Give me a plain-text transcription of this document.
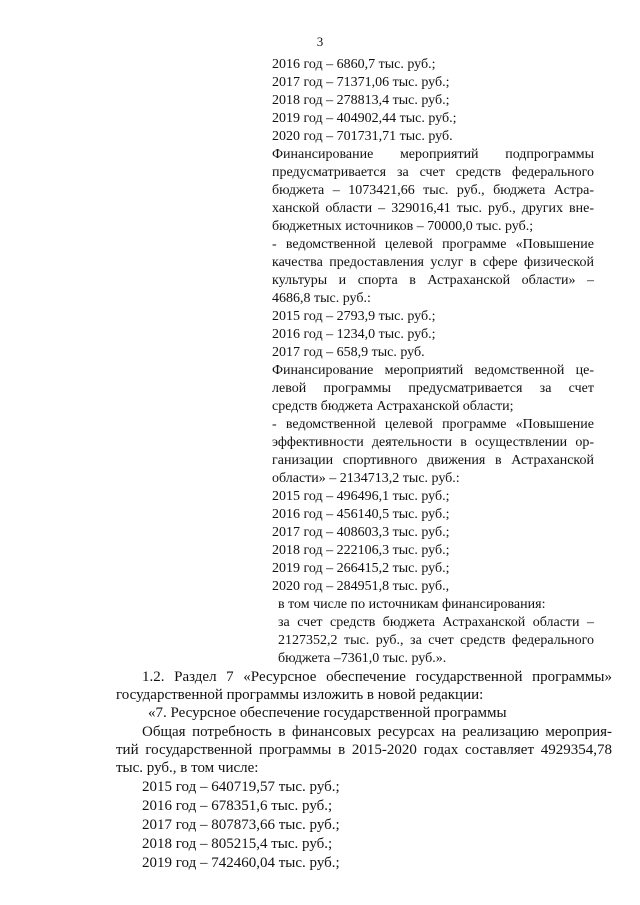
3
2016 год – 6860,7 тыс. руб.;
2017 год – 71371,06 тыс. руб.;
2018 год – 278813,4 тыс. руб.;
2019 год – 404902,44 тыс. руб.;
2020 год – 701731,71 тыс. руб.
Финансирование мероприятий подпрограммы
предусматривается за счет средств федерального
бюджета – 1073421,66 тыс. руб., бюджета Астра-
ханской области – 329016,41 тыс. руб., других вне-
бюджетных источников – 70000,0 тыс. руб.;
- ведомственной целевой программе «Повышение
качества предоставления услуг в сфере физической
культуры и спорта в Астраханской области» –
4686,8 тыс. руб.:
2015 год – 2793,9 тыс. руб.;
2016 год – 1234,0 тыс. руб.;
2017 год – 658,9 тыс. руб.
Финансирование мероприятий ведомственной це-
левой программы предусматривается за счет
средств бюджета Астраханской области;
- ведомственной целевой программе «Повышение
эффективности деятельности в осуществлении ор-
ганизации спортивного движения в Астраханской
области» – 2134713,2 тыс. руб.:
2015 год – 496496,1 тыс. руб.;
2016 год – 456140,5 тыс. руб.;
2017 год – 408603,3 тыс. руб.;
2018 год – 222106,3 тыс. руб.;
2019 год – 266415,2 тыс. руб.;
2020 год – 284951,8 тыс. руб.,
в том числе по источникам финансирования:
за счет средств бюджета Астраханской области –
2127352,2 тыс. руб., за счет средств федерального
бюджета –7361,0 тыс. руб.».
1.2. Раздел 7 «Ресурсное обеспечение государственной программы»
государственной программы изложить в новой редакции:
«7. Ресурсное обеспечение государственной программы
Общая потребность в финансовых ресурсах на реализацию мероприя-
тий государственной программы в 2015-2020 годах составляет 4929354,78
тыс. руб., в том числе:
2015 год – 640719,57 тыс. руб.;
2016 год – 678351,6 тыс. руб.;
2017 год – 807873,66 тыс. руб.;
2018 год – 805215,4 тыс. руб.;
2019 год – 742460,04 тыс. руб.;
